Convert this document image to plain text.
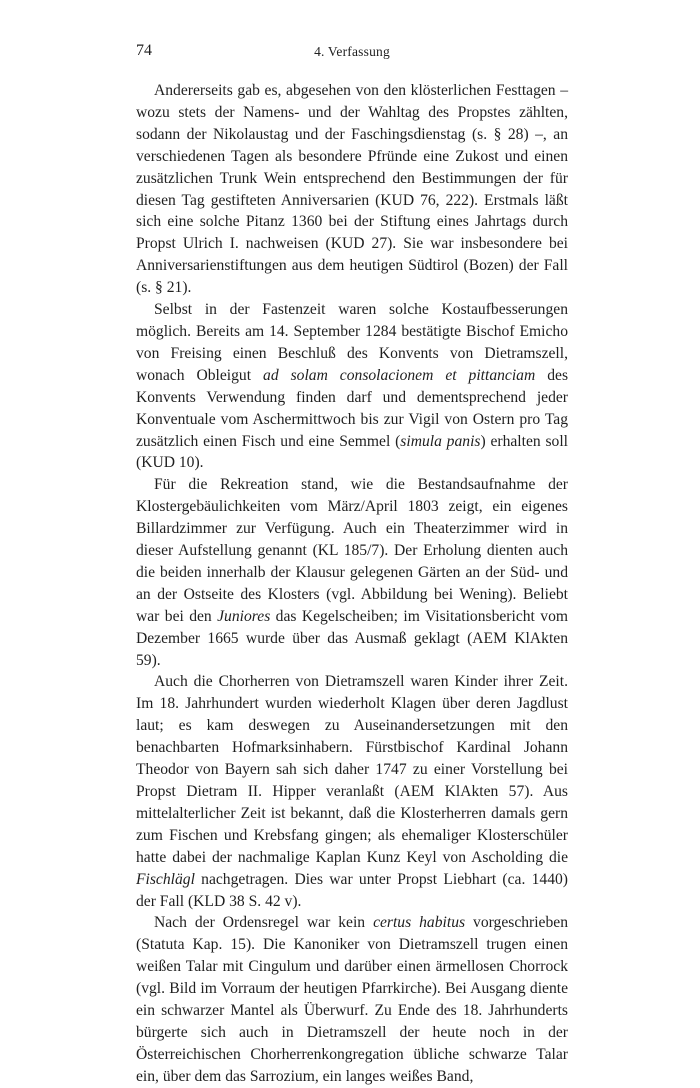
74	4. Verfassung

Andererseits gab es, abgesehen von den klösterlichen Festtagen – wozu stets der Namens- und der Wahltag des Propstes zählten, sodann der Nikolaustag und der Faschingsdienstag (s. § 28) –, an verschiedenen Tagen als besondere Pfründe eine Zukost und einen zusätzlichen Trunk Wein entsprechend den Bestimmungen der für diesen Tag gestifteten Anniversarien (KUD 76, 222). Erstmals läßt sich eine solche Pitanz 1360 bei der Stiftung eines Jahrtags durch Propst Ulrich I. nachweisen (KUD 27). Sie war insbesondere bei Anniversarienstiftungen aus dem heutigen Südtirol (Bozen) der Fall (s. § 21).

Selbst in der Fastenzeit waren solche Kostaufbesserungen möglich. Bereits am 14. September 1284 bestätigte Bischof Emicho von Freising einen Beschluß des Konvents von Dietramszell, wonach Obleigut ad solam consolacionem et pittanciam des Konvents Verwendung finden darf und dementsprechend jeder Konventuale vom Aschermittwoch bis zur Vigil von Ostern pro Tag zusätzlich einen Fisch und eine Semmel (simula panis) erhalten soll (KUD 10).

Für die Rekreation stand, wie die Bestandsaufnahme der Klostergebäulichkeiten vom März/April 1803 zeigt, ein eigenes Billardzimmer zur Verfügung. Auch ein Theaterzimmer wird in dieser Aufstellung genannt (KL 185/7). Der Erholung dienten auch die beiden innerhalb der Klausur gelegenen Gärten an der Süd- und an der Ostseite des Klosters (vgl. Abbildung bei Wening). Beliebt war bei den Juniores das Kegelscheiben; im Visitationsbericht vom Dezember 1665 wurde über das Ausmaß geklagt (AEM KlAkten 59).

Auch die Chorherren von Dietramszell waren Kinder ihrer Zeit. Im 18. Jahrhundert wurden wiederholt Klagen über deren Jagdlust laut; es kam deswegen zu Auseinandersetzungen mit den benachbarten Hofmarksinhabern. Fürstbischof Kardinal Johann Theodor von Bayern sah sich daher 1747 zu einer Vorstellung bei Propst Dietram II. Hipper veranlaßt (AEM KlAkten 57). Aus mittelalterlicher Zeit ist bekannt, daß die Klosterherren damals gern zum Fischen und Krebsfang gingen; als ehemaliger Klosterschüler hatte dabei der nachmalige Kaplan Kunz Keyl von Ascholding die Fischlägl nachgetragen. Dies war unter Propst Liebhart (ca. 1440) der Fall (KLD 38 S. 42 v).

Nach der Ordensregel war kein certus habitus vorgeschrieben (Statuta Kap. 15). Die Kanoniker von Dietramszell trugen einen weißen Talar mit Cingulum und darüber einen ärmellosen Chorrock (vgl. Bild im Vorraum der heutigen Pfarrkirche). Bei Ausgang diente ein schwarzer Mantel als Überwurf. Zu Ende des 18. Jahrhunderts bürgerte sich auch in Dietramszell der heute noch in der Österreichischen Chorherrenkongregation übliche schwarze Talar ein, über dem das Sarrozium, ein langes weißes Band,
